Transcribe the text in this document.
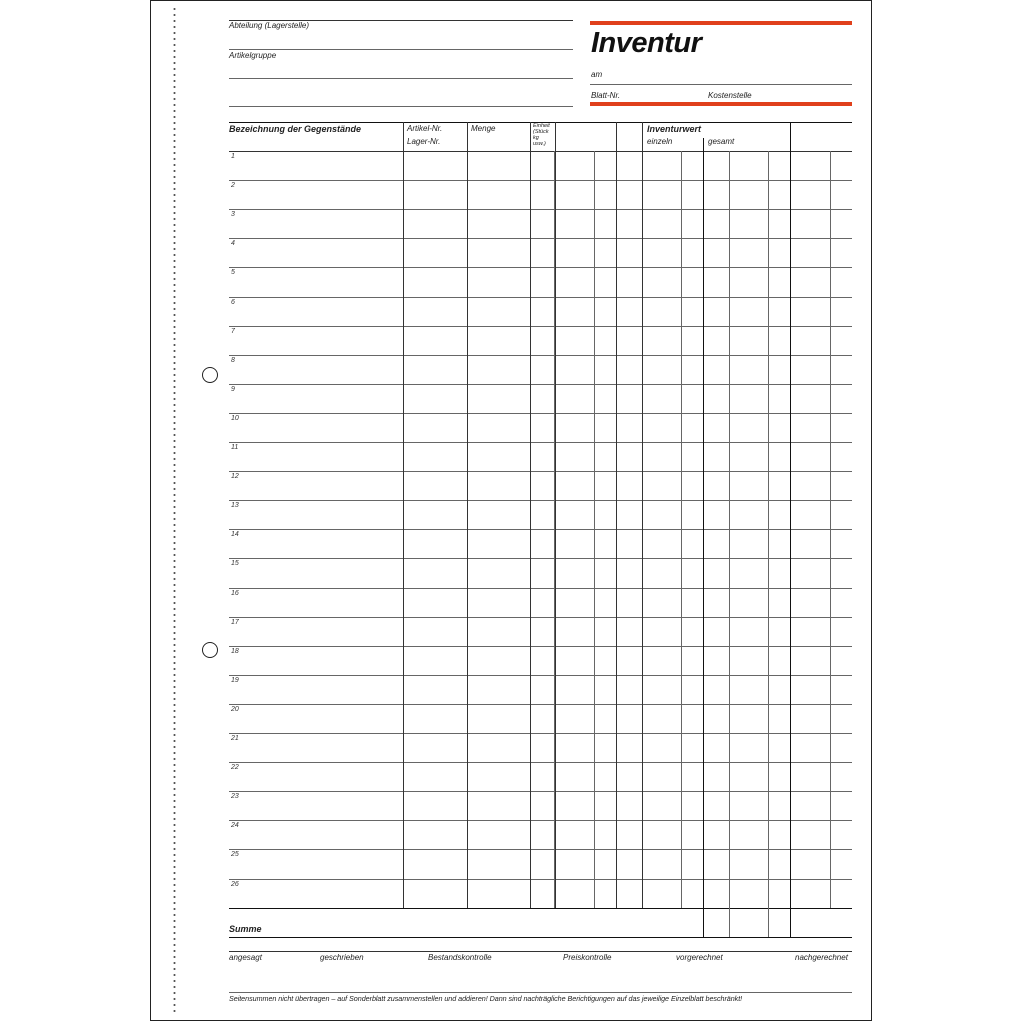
Abteilung (Lagerstelle)
Artikelgruppe	Inventur
am
Blatt-Nr.	Kostenstelle
Bezeichnung der Gegenstände	Artikel-Nr.
Lager-Nr.
Menge	Einheit
(Stück
kg
usw.)
Inventurwert
einzeln	gesamt
1
2
3
4
5
6
7
8
9
10
11
12
13
14
15
16
17
18
19
20
21
22
23
24
25
26
Summe
angesagt	geschrieben	Bestandskontrolle	Preiskontrolle	vorgerechnet	nachgerechnet
Seitensummen nicht übertragen – auf Sonderblatt zusammenstellen und addieren! Dann sind nachträgliche Berichtigungen auf das jeweilige Einzelblatt beschränkt!
